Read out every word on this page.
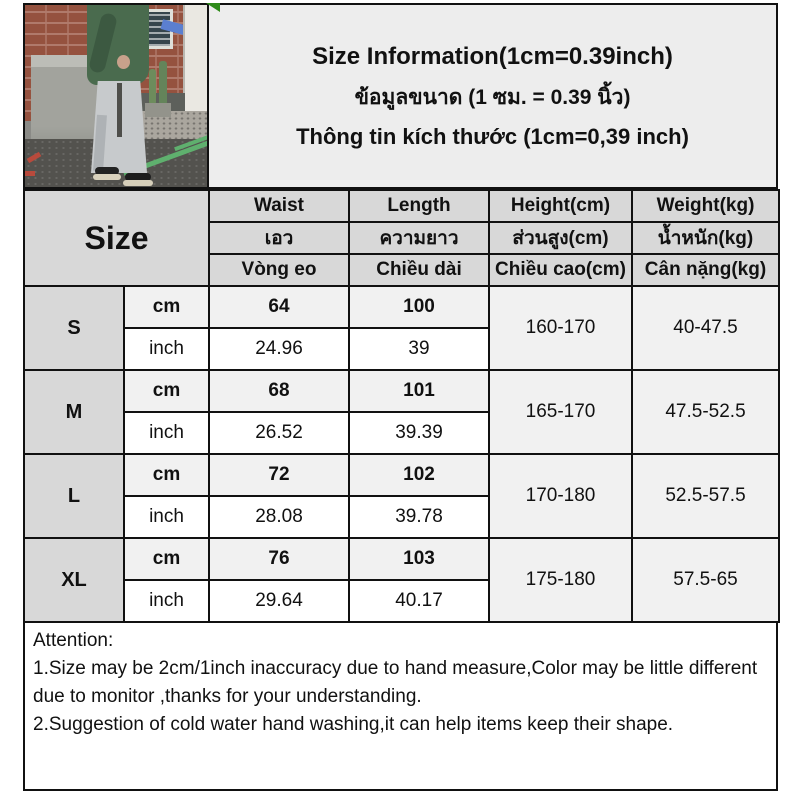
Size Information(1cm=0.39inch)
ข้อมูลขนาด (1 ซม. = 0.39 นิ้ว)
Thông tin kích thước (1cm=0,39 inch)
Size		Waist	Length	Height(cm)	Weight(kg)
		เอว	ความยาว	ส่วนสูง(cm)	น้ำหนัก(kg)
		Vòng eo	Chiều dài	Chiều cao(cm)	Cân nặng(kg)
S	cm	64	100	160-170	40-47.5
	inch	24.96	39		
M	cm	68	101	165-170	47.5-52.5
	inch	26.52	39.39		
L	cm	72	102	170-180	52.5-57.5
	inch	28.08	39.78		
XL	cm	76	103	175-180	57.5-65
	inch	29.64	40.17		
Attention:
1.Size may be 2cm/1inch inaccuracy due to hand measure,Color may be little different due to monitor ,thanks for your understanding.
2.Suggestion of cold water hand washing,it can help items keep their shape.
